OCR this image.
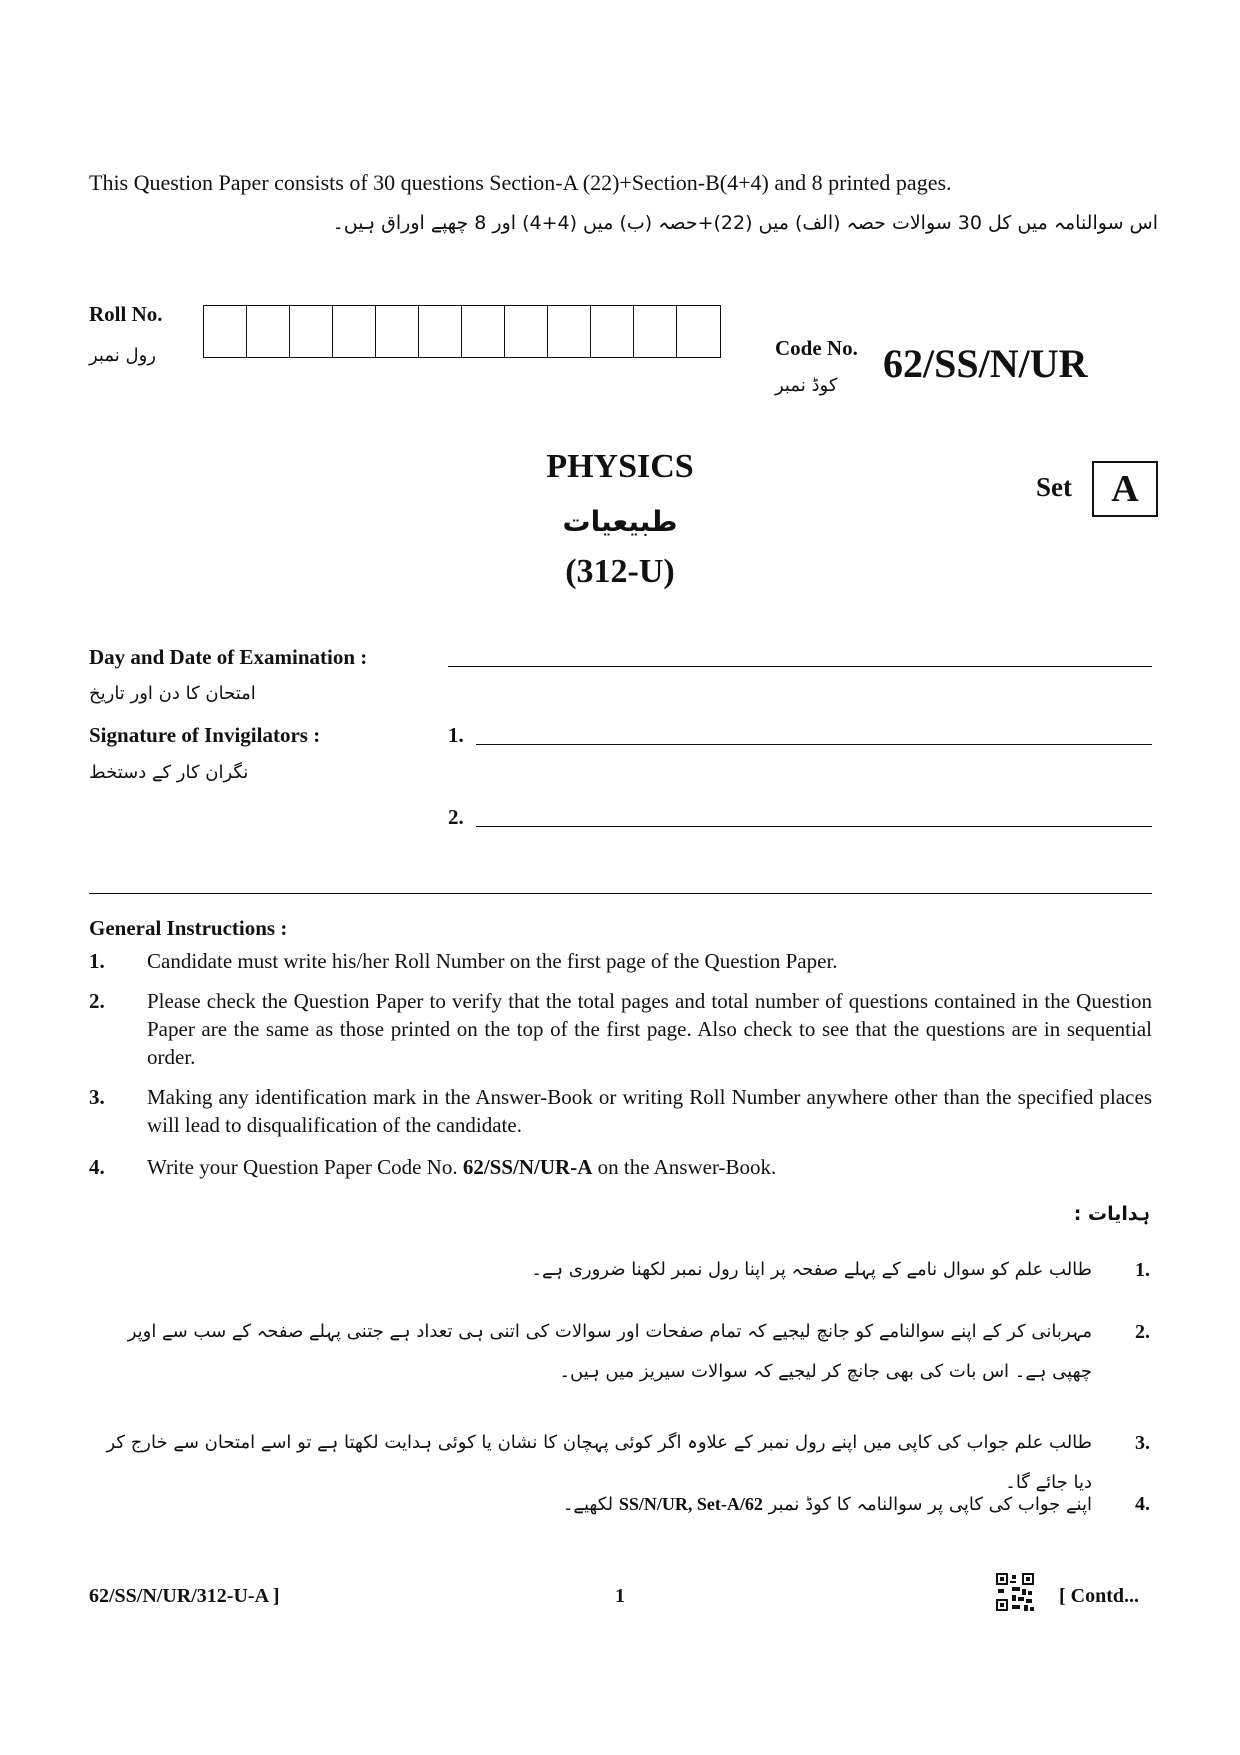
This Question Paper consists of 30 questions Section-A (22)+Section-B(4+4) and 8 printed pages.
اس سوالنامہ میں کل 30 سوالات حصہ (الف) میں (22)+حصہ (ب) میں (4+4) اور 8 چھپے اوراق ہیں۔
Roll No.
رول نمبر	Code No.
کوڈ نمبر 62/SS/N/UR
PHYSICS
طبیعیات
(312-U)
Set	A
Day and Date of Examination :
امتحان کا دن اور تاریخ
Signature of Invigilators :	1.
نگران کار کے دستخط
2.
General Instructions :
1. Candidate must write his/her Roll Number on the first page of the Question Paper.
2. Please check the Question Paper to verify that the total pages and total number of questions contained in the Question Paper are the same as those printed on the top of the first page. Also check to see that the questions are in sequential order.
3. Making any identification mark in the Answer-Book or writing Roll Number anywhere other than the specified places will lead to disqualification of the candidate.
4. Write your Question Paper Code No. 62/SS/N/UR-A on the Answer-Book.
ہدایات :
1.
طالب علم کو سوال نامے کے پہلے صفحہ پر اپنا رول نمبر لکھنا ضروری ہے۔
2.
مہربانی کر کے اپنے سوالنامے کو جانچ لیجیے کہ تمام صفحات اور سوالات کی اتنی ہی تعداد ہے جتنی پہلے صفحہ کے سب سے اوپر چھپی ہے۔ اس بات کی بھی جانچ کر لیجیے کہ سوالات سیریز میں ہیں۔
3.
طالب علم جواب کی کاپی میں اپنے رول نمبر کے علاوہ اگر کوئی پہچان کا نشان یا کوئی ہدایت لکھتا ہے تو اسے امتحان سے خارج کر دیا جائے گا۔
4.
اپنے جواب کی کاپی پر سوالنامہ کا کوڈ نمبر 62/SS/N/UR, Set-A لکھیے۔
62/SS/N/UR/312-U-A ]	1	[ Contd...
